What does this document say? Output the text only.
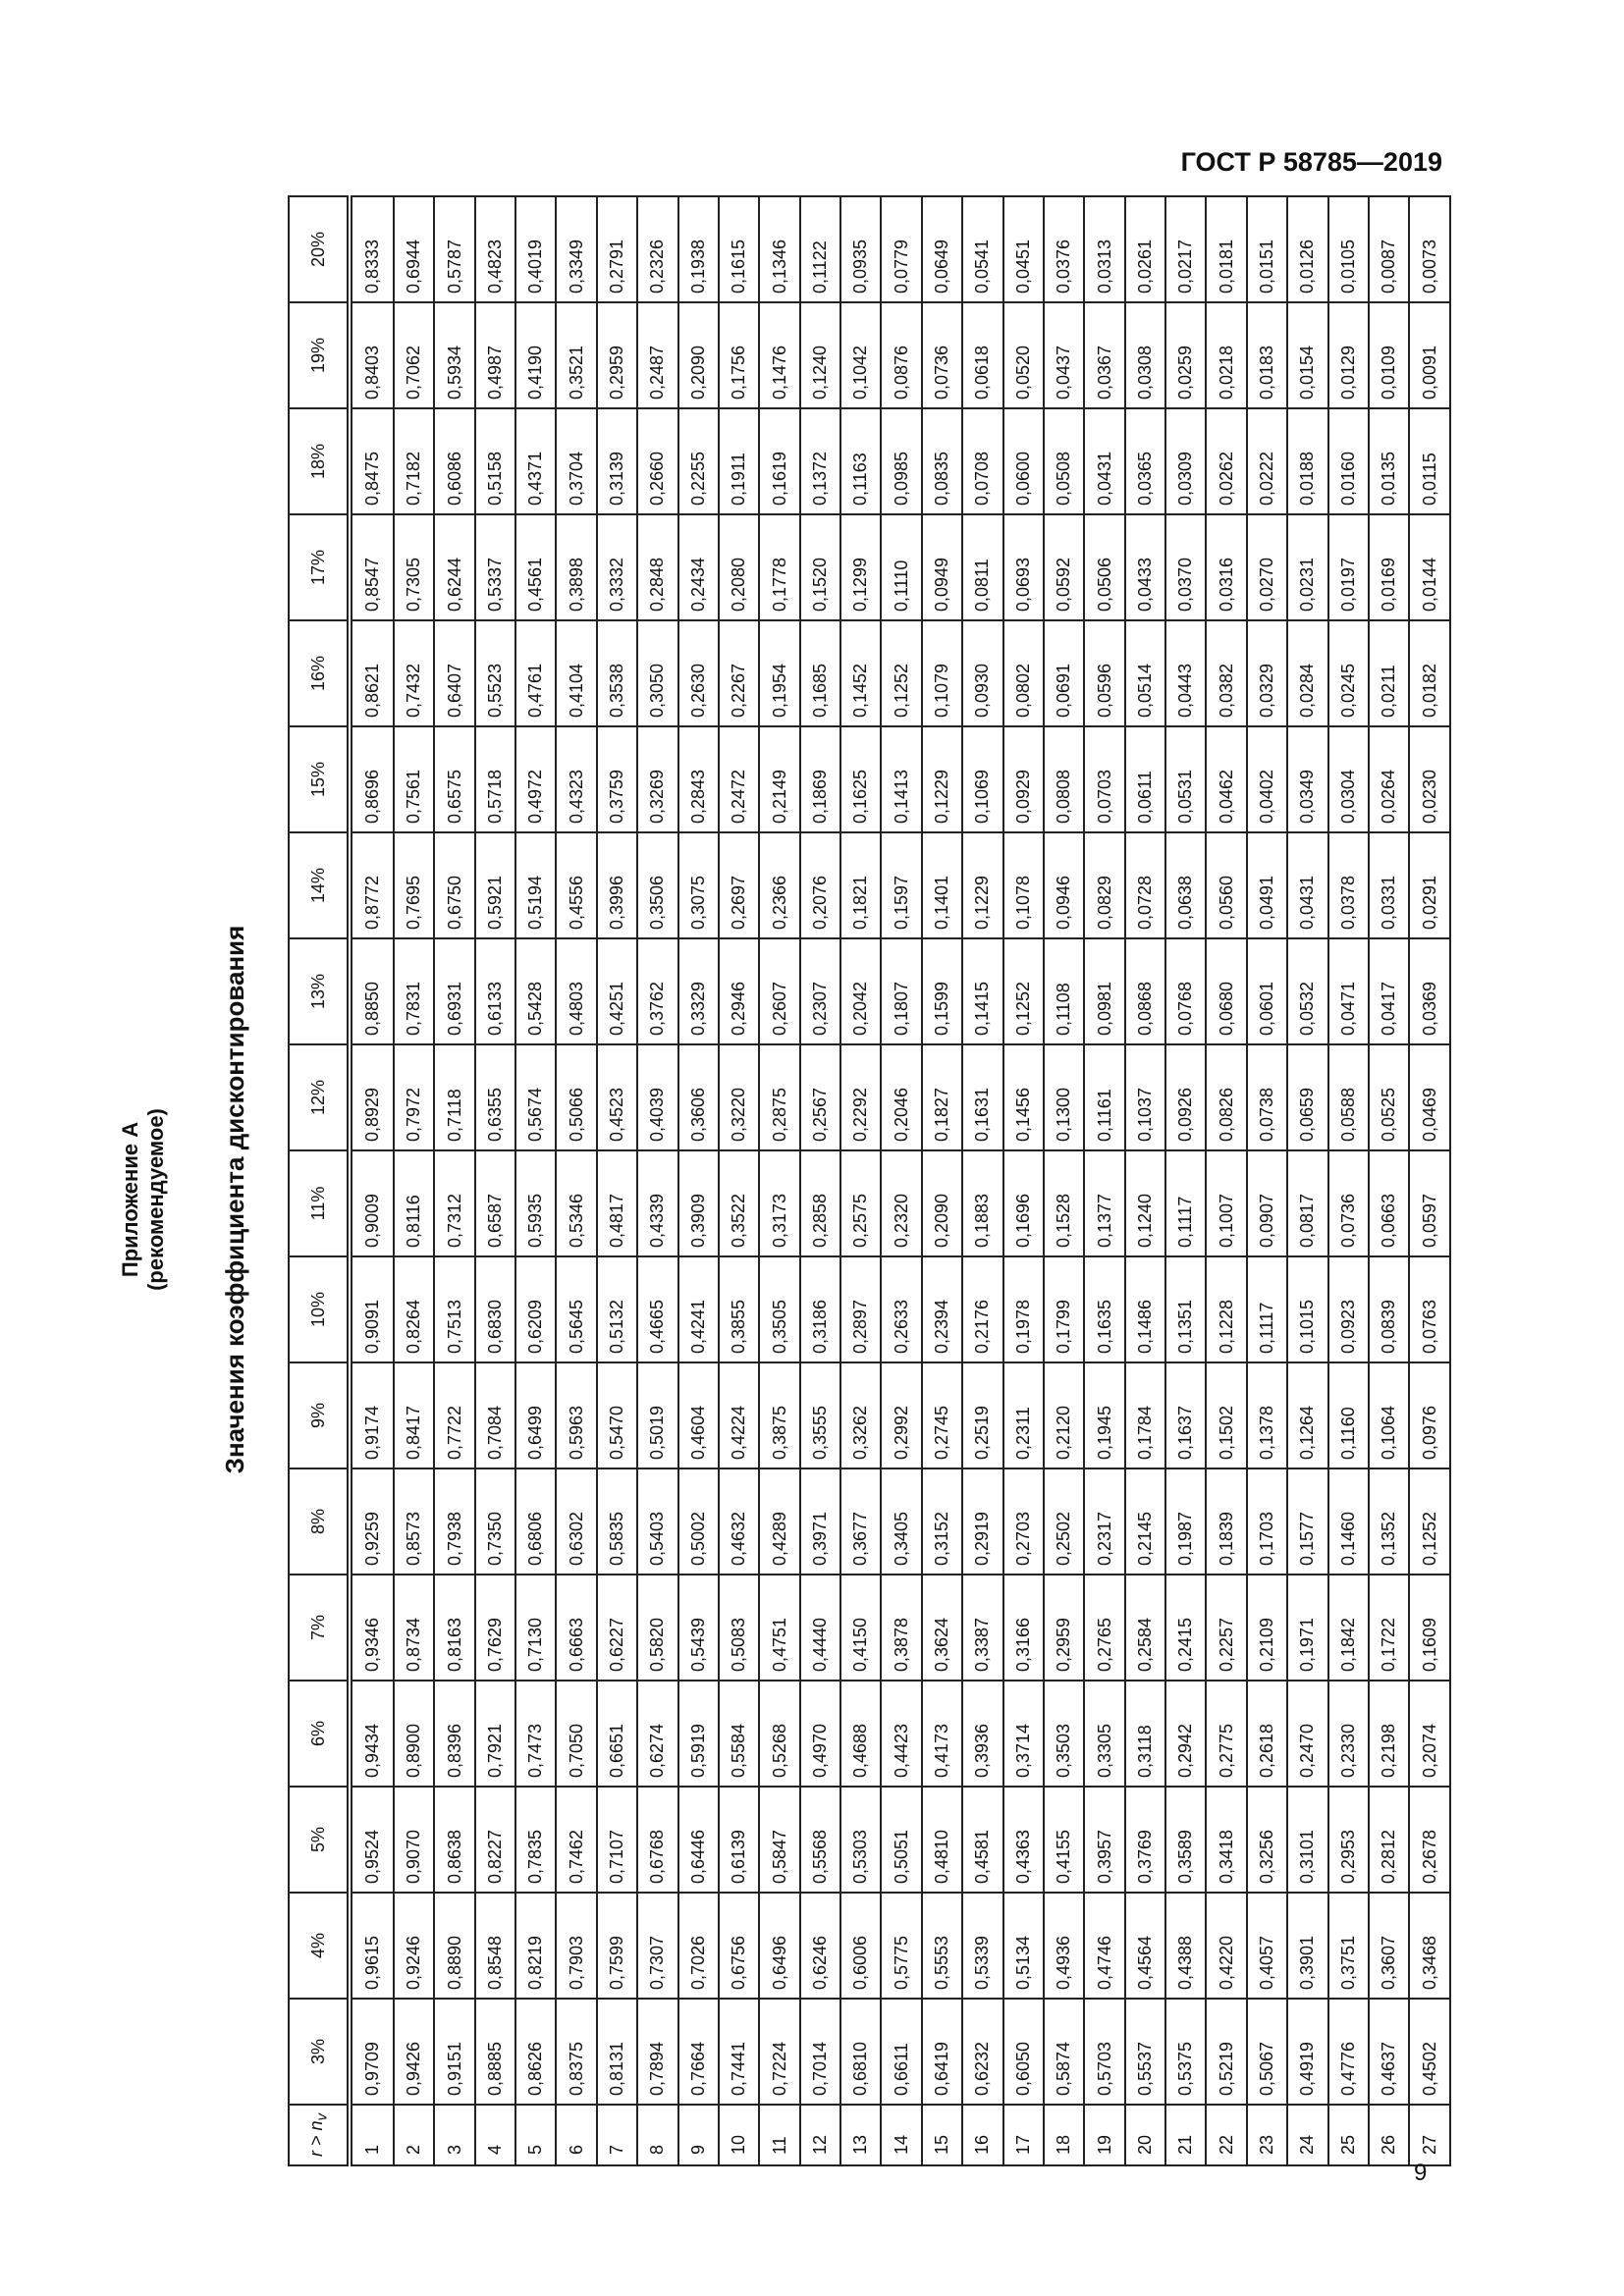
ГОСТ Р 58785—2019
Приложение А (рекомендуемое) Значения коэффициента дисконтирования
$r > n_v$	3%	4%	5%	6%	7%	8%	9%	10%	11%	12%	13%	14%	15%	16%	17%	18%	19%	20%
1	0,9709	0,9615	0,9524	0,9434	0,9346	0,9259	0,9174	0,9091	0,9009	0,8929	0,8850	0,8772	0,8696	0,8621	0,8547	0,8475	0,8403	0,8333
2	0,9426	0,9246	0,9070	0,8900	0,8734	0,8573	0,8417	0,8264	0,8116	0,7972	0,7831	0,7695	0,7561	0,7432	0,7305	0,7182	0,7062	0,6944
3	0,9151	0,8890	0,8638	0,8396	0,8163	0,7938	0,7722	0,7513	0,7312	0,7118	0,6931	0,6750	0,6575	0,6407	0,6244	0,6086	0,5934	0,5787
4	0,8885	0,8548	0,8227	0,7921	0,7629	0,7350	0,7084	0,6830	0,6587	0,6355	0,6133	0,5921	0,5718	0,5523	0,5337	0,5158	0,4987	0,4823
5	0,8626	0,8219	0,7835	0,7473	0,7130	0,6806	0,6499	0,6209	0,5935	0,5674	0,5428	0,5194	0,4972	0,4761	0,4561	0,4371	0,4190	0,4019
6	0,8375	0,7903	0,7462	0,7050	0,6663	0,6302	0,5963	0,5645	0,5346	0,5066	0,4803	0,4556	0,4323	0,4104	0,3898	0,3704	0,3521	0,3349
7	0,8131	0,7599	0,7107	0,6651	0,6227	0,5835	0,5470	0,5132	0,4817	0,4523	0,4251	0,3996	0,3759	0,3538	0,3332	0,3139	0,2959	0,2791
8	0,7894	0,7307	0,6768	0,6274	0,5820	0,5403	0,5019	0,4665	0,4339	0,4039	0,3762	0,3506	0,3269	0,3050	0,2848	0,2660	0,2487	0,2326
9	0,7664	0,7026	0,6446	0,5919	0,5439	0,5002	0,4604	0,4241	0,3909	0,3606	0,3329	0,3075	0,2843	0,2630	0,2434	0,2255	0,2090	0,1938
10	0,7441	0,6756	0,6139	0,5584	0,5083	0,4632	0,4224	0,3855	0,3522	0,3220	0,2946	0,2697	0,2472	0,2267	0,2080	0,1911	0,1756	0,1615
11	0,7224	0,6496	0,5847	0,5268	0,4751	0,4289	0,3875	0,3505	0,3173	0,2875	0,2607	0,2366	0,2149	0,1954	0,1778	0,1619	0,1476	0,1346
12	0,7014	0,6246	0,5568	0,4970	0,4440	0,3971	0,3555	0,3186	0,2858	0,2567	0,2307	0,2076	0,1869	0,1685	0,1520	0,1372	0,1240	0,1122
13	0,6810	0,6006	0,5303	0,4688	0,4150	0,3677	0,3262	0,2897	0,2575	0,2292	0,2042	0,1821	0,1625	0,1452	0,1299	0,1163	0,1042	0,0935
14	0,6611	0,5775	0,5051	0,4423	0,3878	0,3405	0,2992	0,2633	0,2320	0,2046	0,1807	0,1597	0,1413	0,1252	0,1110	0,0985	0,0876	0,0779
15	0,6419	0,5553	0,4810	0,4173	0,3624	0,3152	0,2745	0,2394	0,2090	0,1827	0,1599	0,1401	0,1229	0,1079	0,0949	0,0835	0,0736	0,0649
16	0,6232	0,5339	0,4581	0,3936	0,3387	0,2919	0,2519	0,2176	0,1883	0,1631	0,1415	0,1229	0,1069	0,0930	0,0811	0,0708	0,0618	0,0541
17	0,6050	0,5134	0,4363	0,3714	0,3166	0,2703	0,2311	0,1978	0,1696	0,1456	0,1252	0,1078	0,0929	0,0802	0,0693	0,0600	0,0520	0,0451
18	0,5874	0,4936	0,4155	0,3503	0,2959	0,2502	0,2120	0,1799	0,1528	0,1300	0,1108	0,0946	0,0808	0,0691	0,0592	0,0508	0,0437	0,0376
19	0,5703	0,4746	0,3957	0,3305	0,2765	0,2317	0,1945	0,1635	0,1377	0,1161	0,0981	0,0829	0,0703	0,0596	0,0506	0,0431	0,0367	0,0313
20	0,5537	0,4564	0,3769	0,3118	0,2584	0,2145	0,1784	0,1486	0,1240	0,1037	0,0868	0,0728	0,0611	0,0514	0,0433	0,0365	0,0308	0,0261
21	0,5375	0,4388	0,3589	0,2942	0,2415	0,1987	0,1637	0,1351	0,1117	0,0926	0,0768	0,0638	0,0531	0,0443	0,0370	0,0309	0,0259	0,0217
22	0,5219	0,4220	0,3418	0,2775	0,2257	0,1839	0,1502	0,1228	0,1007	0,0826	0,0680	0,0560	0,0462	0,0382	0,0316	0,0262	0,0218	0,0181
23	0,5067	0,4057	0,3256	0,2618	0,2109	0,1703	0,1378	0,1117	0,0907	0,0738	0,0601	0,0491	0,0402	0,0329	0,0270	0,0222	0,0183	0,0151
24	0,4919	0,3901	0,3101	0,2470	0,1971	0,1577	0,1264	0,1015	0,0817	0,0659	0,0532	0,0431	0,0349	0,0284	0,0231	0,0188	0,0154	0,0126
25	0,4776	0,3751	0,2953	0,2330	0,1842	0,1460	0,1160	0,0923	0,0736	0,0588	0,0471	0,0378	0,0304	0,0245	0,0197	0,0160	0,0129	0,0105
26	0,4637	0,3607	0,2812	0,2198	0,1722	0,1352	0,1064	0,0839	0,0663	0,0525	0,0417	0,0331	0,0264	0,0211	0,0169	0,0135	0,0109	0,0087
27	0,4502	0,3468	0,2678	0,2074	0,1609	0,1252	0,0976	0,0763	0,0597	0,0469	0,0369	0,0291	0,0230	0,0182	0,0144	0,0115	0,0091	0,0073
9
